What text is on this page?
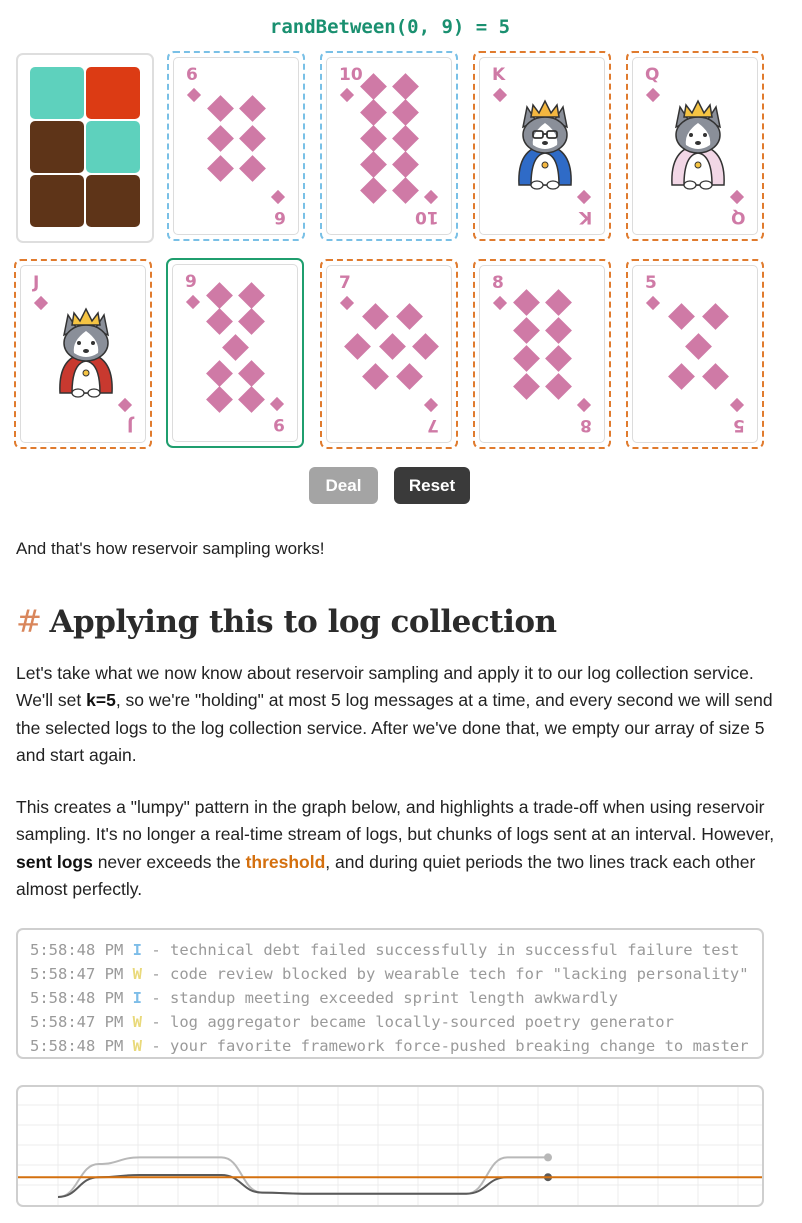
randBetween(0, 9) = 5
6
6
10
10
K
K
Q
Q
J
J
9
9
7
7
8
8
5
5
Deal	Reset
And that's how reservoir sampling works!
# Applying this to log collection

Let's take what we now know about reservoir sampling and apply it to our log collection service. We'll set k=5, so we're "holding" at most 5 log messages at a time, and every second we will send the selected logs to the log collection service. After we've done that, we empty our array of size 5 and start again.

This creates a "lumpy" pattern in the graph below, and highlights a trade-off when using reservoir sampling. It's no longer a real-time stream of logs, but chunks of logs sent at an interval. However, sent logs never exceeds the threshold, and during quiet periods the two lines track each other almost perfectly.

5:58:48 PM I - technical debt failed successfully in successful failure test
5:58:47 PM W - code review blocked by wearable tech for "lacking personality"
5:58:48 PM I - standup meeting exceeded sprint length awkwardly
5:58:47 PM W - log aggregator became locally-sourced poetry generator
5:58:48 PM W - your favorite framework force-pushed breaking change to master
